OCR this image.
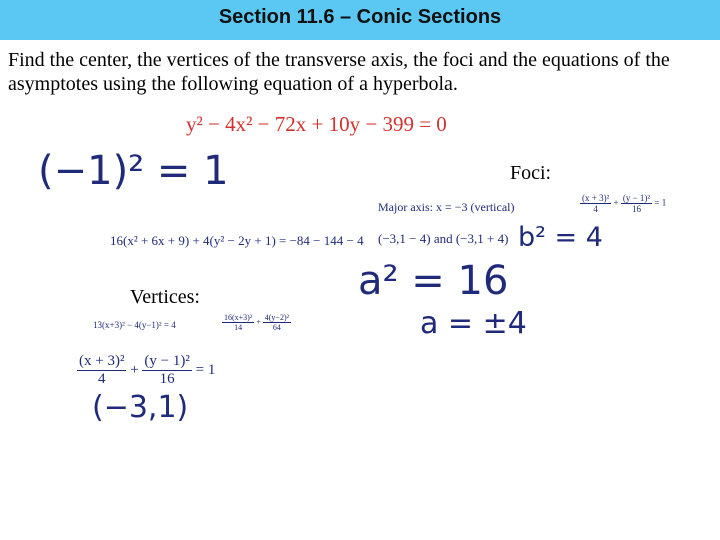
Section 11.6 – Conic Sections
Find the center, the vertices of the transverse axis, the foci and the equations of the asymptotes using the following equation of a hyperbola.
y² − 4x² − 72x + 10y − 399 = 0
(−1)² = 1
16(x² + 6x + 9) + 4(y² − 2y + 1) = −84 − 144 − 4
Vertices:
13(x+3)² − 4(y−1)² = 4	$\frac{\text{16(x+3)²}}{14} + \frac{\text{4(y−2)²}}{64}$
$\frac{\text{(x + 3)²}}{4} + \frac{\text{(y − 1)²}}{16} = 1$
(−3,1)
Foci:
Major axis: x = −3 (vertical)	$\frac{\text{(x + 3)²}}{4} + \frac{\text{(y − 1)²}}{16} = 1$
(−3,1 − 4) and (−3,1 + 4) b² = 4
a² = 16
a = ±4
